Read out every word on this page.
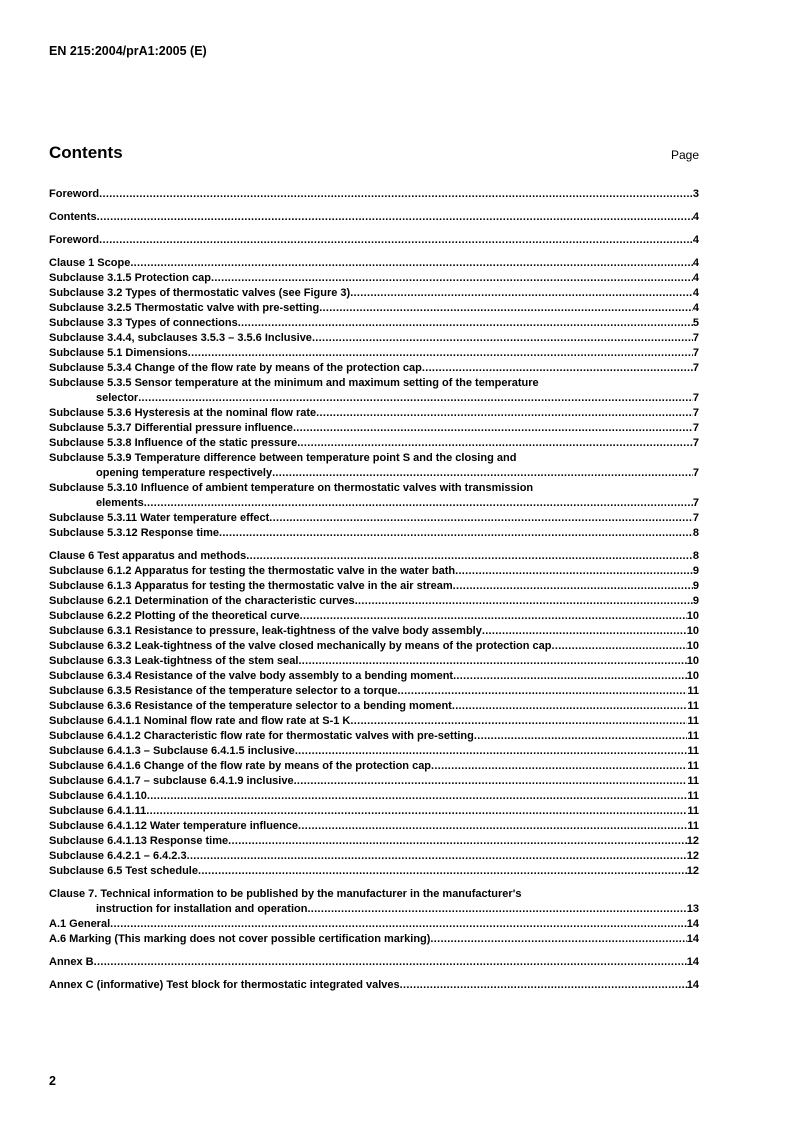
EN 215:2004/prA1:2005 (E)
Contents	Page
Foreword .....	3
Contents .....	4
Foreword .....	4
Clause 1 Scope .....	4
Subclause 3.1.5 Protection cap .....	4
Subclause 3.2 Types of thermostatic valves (see Figure 3) .....	4
Subclause 3.2.5 Thermostatic valve with pre-setting .....	4
Subclause 3.3 Types of connections .....	5
Subclause 3.4.4, subclauses 3.5.3 – 3.5.6 Inclusive .....	7
Subclause 5.1 Dimensions .....	7
Subclause 5.3.4 Change of the flow rate by means of the protection cap .....	7
Subclause 5.3.5 Sensor temperature at the minimum and maximum setting of the temperature
selector .....	7
Subclause 5.3.6 Hysteresis at the nominal flow rate .....	7
Subclause 5.3.7 Differential pressure influence .....	7
Subclause 5.3.8 Influence of the static pressure .....	7
Subclause 5.3.9 Temperature difference between temperature point S and the closing and
opening temperature respectively .....	7
Subclause 5.3.10 Influence of ambient temperature on thermostatic valves with transmission
elements .....	7
Subclause 5.3.11 Water temperature effect .....	7
Subclause 5.3.12 Response time .....	8
Clause 6 Test apparatus and methods .....	8
Subclause 6.1.2 Apparatus for testing the thermostatic valve in the water bath .....	9
Subclause 6.1.3 Apparatus for testing the thermostatic valve in the air stream .....	9
Subclause 6.2.1 Determination of the characteristic curves .....	9
Subclause 6.2.2 Plotting of the theoretical curve .....	10
Subclause 6.3.1 Resistance to pressure, leak-tightness of the valve body assembly .....	10
Subclause 6.3.2 Leak-tightness of the valve closed mechanically by means of the protection cap .....	10
Subclause 6.3.3 Leak-tightness of the stem seal .....	10
Subclause 6.3.4 Resistance of the valve body assembly to a bending moment .....	10
Subclause 6.3.5 Resistance of the temperature selector to a torque .....	11
Subclause 6.3.6 Resistance of the temperature selector to a bending moment .....	11
Subclause 6.4.1.1 Nominal flow rate and flow rate at S-1 K .....	11
Subclause 6.4.1.2 Characteristic flow rate for thermostatic valves with pre-setting .....	11
Subclause 6.4.1.3 – Subclause 6.4.1.5 inclusive .....	11
Subclause 6.4.1.6 Change of the flow rate by means of the protection cap .....	11
Subclause 6.4.1.7 – subclause 6.4.1.9 inclusive .....	11
Subclause 6.4.1.10 .....	11
Subclause 6.4.1.11 .....	11
Subclause 6.4.1.12 Water temperature influence .....	11
Subclause 6.4.1.13 Response time .....	12
Subclause 6.4.2.1 – 6.4.2.3 .....	12
Subclause 6.5 Test schedule .....	12
Clause 7. Technical information to be published by the manufacturer in the manufacturer's
instruction for installation and operation .....	13
A.1 General .....	14
A.6 Marking (This marking does not cover possible certification marking) .....	14
Annex B .....	14
Annex C (informative) Test block for thermostatic integrated valves .....	14
2
